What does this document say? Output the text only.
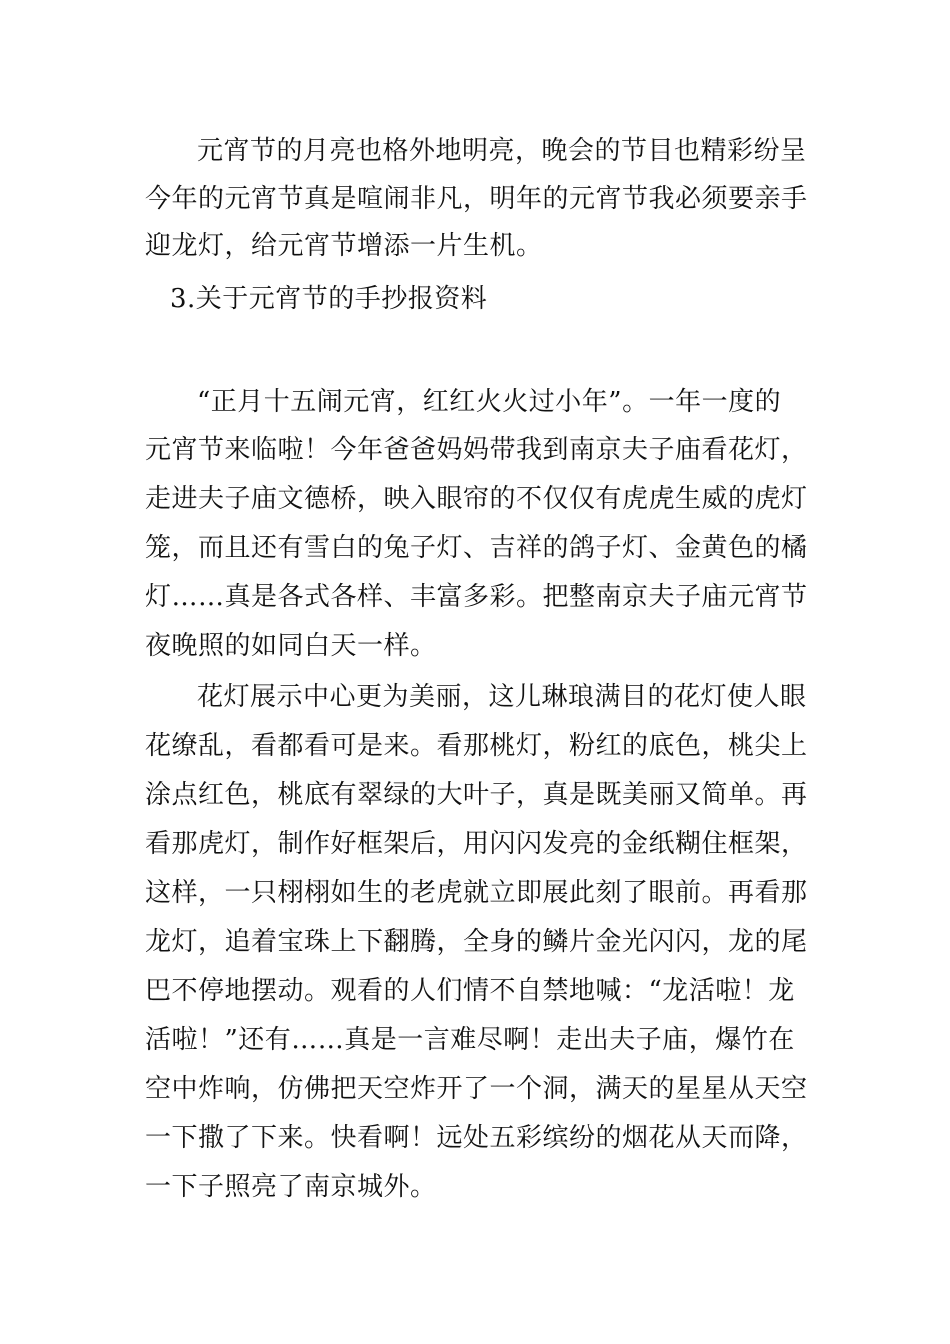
元宵节的月亮也格外地明亮，晚会的节目也精彩纷呈
今年的元宵节真是喧闹非凡，明年的元宵节我必须要亲手
迎龙灯，给元宵节增添一片生机。
3.关于元宵节的手抄报资料
“正月十五闹元宵，红红火火过小年”。一年一度的
元宵节来临啦！今年爸爸妈妈带我到南京夫子庙看花灯，
走进夫子庙文德桥，映入眼帘的不仅仅有虎虎生威的虎灯
笼，而且还有雪白的兔子灯、吉祥的鸽子灯、金黄色的橘
灯……真是各式各样、丰富多彩。把整南京夫子庙元宵节
夜晚照的如同白天一样。
花灯展示中心更为美丽，这儿琳琅满目的花灯使人眼
花缭乱，看都看可是来。看那桃灯，粉红的底色，桃尖上
涂点红色，桃底有翠绿的大叶子，真是既美丽又简单。再
看那虎灯，制作好框架后，用闪闪发亮的金纸糊住框架，
这样，一只栩栩如生的老虎就立即展此刻了眼前。再看那
龙灯，追着宝珠上下翻腾，全身的鳞片金光闪闪，龙的尾
巴不停地摆动。观看的人们情不自禁地喊：“龙活啦！龙
活啦！”还有……真是一言难尽啊！走出夫子庙，爆竹在
空中炸响，仿佛把天空炸开了一个洞，满天的星星从天空
一下撒了下来。快看啊！远处五彩缤纷的烟花从天而降，
一下子照亮了南京城外。
